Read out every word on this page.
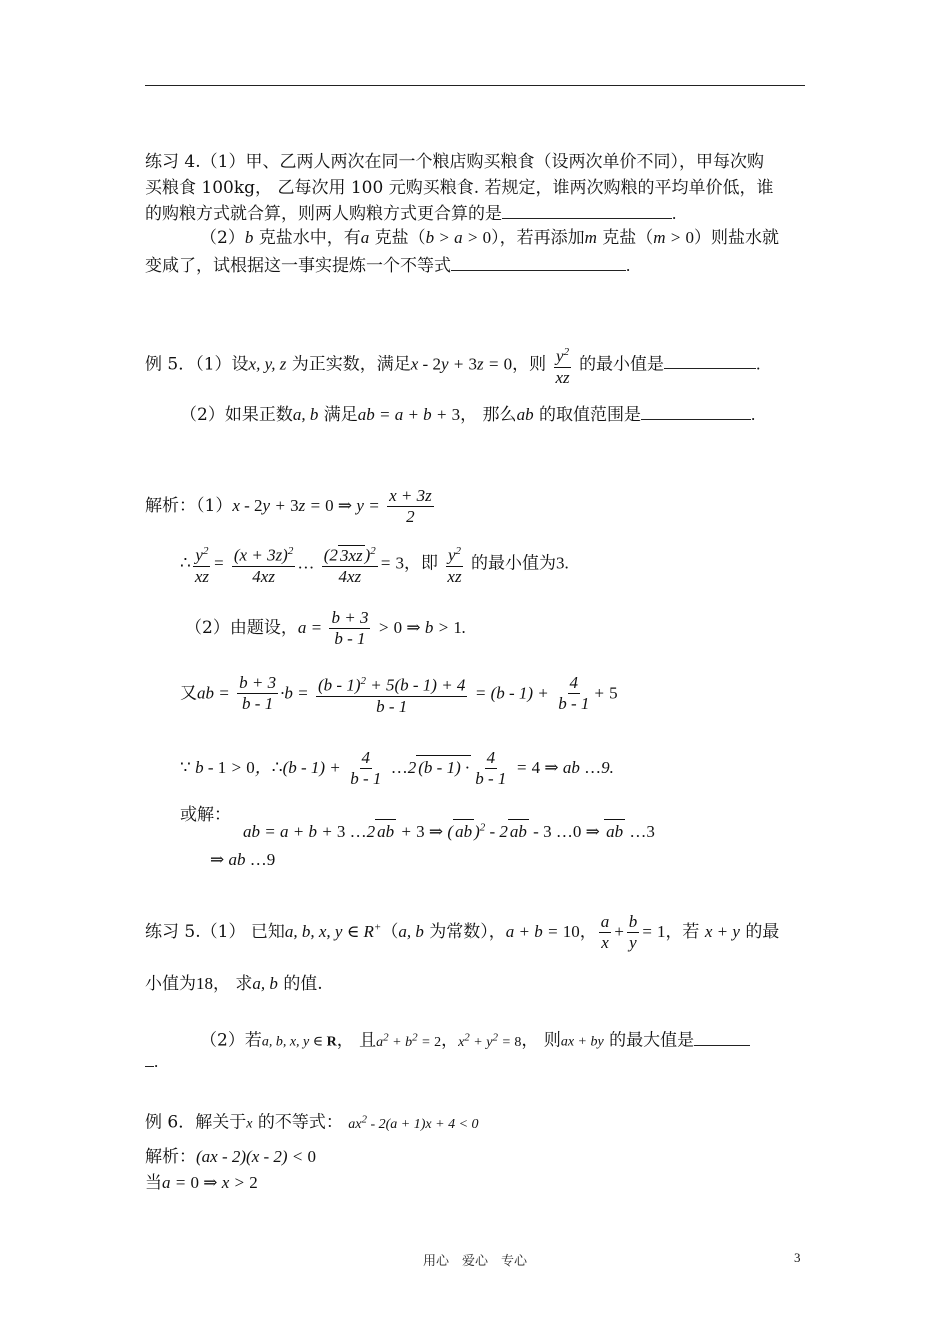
练习 4.（1）甲、乙两人两次在同一个粮店购买粮食（设两次单价不同），甲每次购
买粮食 100kg， 乙每次用 100 元购买粮食. 若规定，谁两次购粮的平均单价低，谁
的购粮方式就合算，则两人购粮方式更合算的是	.
（2）b 克盐水中，有a 克盐（b > a > 0），若再添加m 克盐（m > 0）则盐水就
变咸了，试根据这一事实提炼一个不等式	.
例 5．（1）设x, y, z 为正实数，满足x - 2y + 3z = 0，则 $\frac{y^2}{xz}$ 的最小值是	.
（2）如果正数a, b 满足ab = a + b + 3， 那么ab 的取值范围是	.
解析：（1）x - 2y + 3z = 0 ⇒ $y = \frac{x + 3z}{2}$
∴ $\frac{y^2}{xz} = \frac{(x + 3z)^2}{4xz}$ … $\frac{(2 3xz )^2}{4xz} = 3$，即 $\frac{y^2}{xz}$ 的最小值为3.
（2）由题设，$a = \frac{b + 3}{b - 1} > 0$ ⇒ b > 1.
又ab = $\frac{b + 3}{b - 1} \cdot b = \frac{(b - 1)^2 + 5(b - 1) + 4}{b - 1} = (b - 1) + \frac{4}{b - 1} + 5$
∵ b - 1 > 0，∴(b - $1) + \frac{4}{b - 1}$ …2 $(b - 1) \cdot \frac{4}{b - 1} = 4$ ⇒ ab …9.
或解：
ab = a + b + 3 …2 ab + 3 ⇒ ( ab )$^2$ - 2 ab - 3 …0 ⇒ ab …3
⇒ ab …9
练习 5.（1） 已知a, b, x, y ∈ R+（a, b 为常数），a + b = 10， $\frac{a}{x} + \frac{b}{y} = 1$，若 x + y 的最
小值为18， 求a, b 的值.
（2）若a, b, x, y ∈ R， 且$a^2 + b^2 = 2$，$x^2 + y^2 = 8$， 则ax + by 的最大值是
.
例 6．解关于x 的不等式： $ax^2 - 2(a + 1)x + 4 < 0$
解析：(ax - 2)(x - 2) < 0
当a = 0 ⇒ x > 2
用心　爱心　专心	3
